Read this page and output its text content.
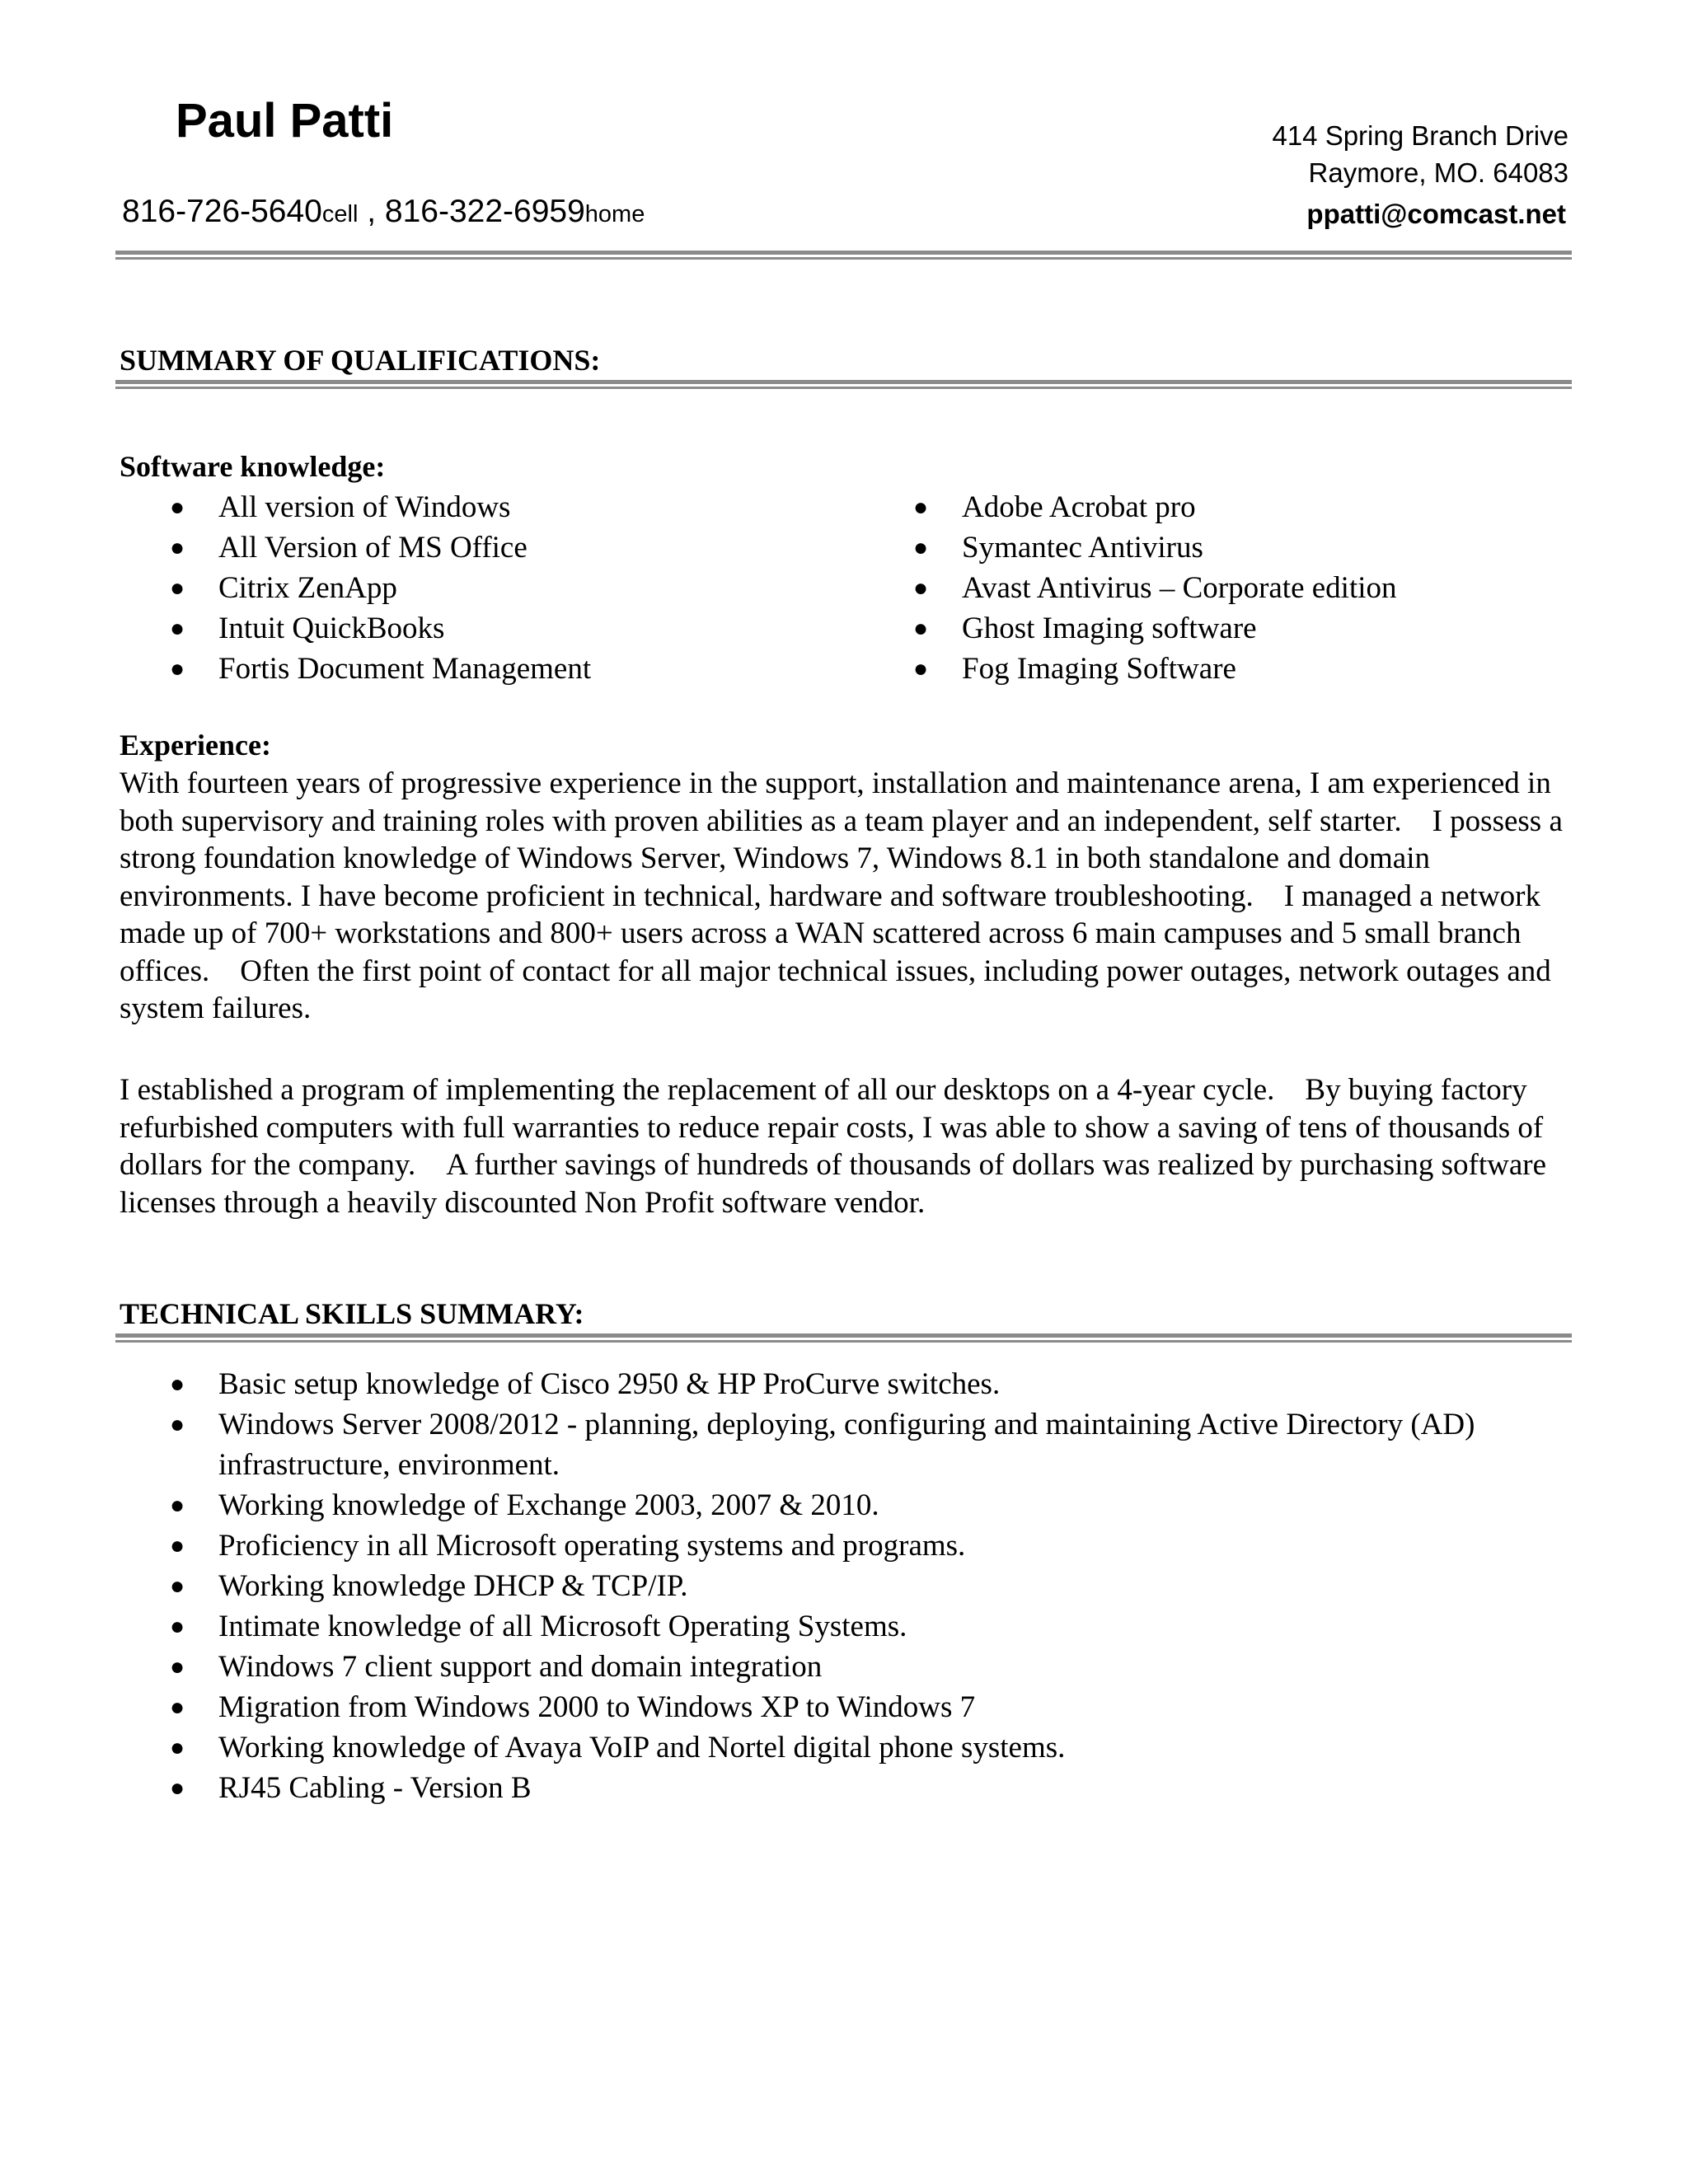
Paul Patti	414 Spring Branch Drive
Raymore, MO. 64083
816-726-5640cell , 816-322-6959home	ppatti@comcast.net
SUMMARY OF QUALIFICATIONS:
Software knowledge:
● All version of Windows
● All Version of MS Office
● Citrix ZenApp
● Intuit QuickBooks
● Fortis Document Management
● Adobe Acrobat pro
● Symantec Antivirus
● Avast Antivirus – Corporate edition
● Ghost Imaging software
● Fog Imaging Software
Experience:

With fourteen years of progressive experience in the support, installation and maintenance arena, I am experienced in both supervisory and training roles with proven abilities as a team player and an independent, self starter.    I possess a strong foundation knowledge of Windows Server, Windows 7, Windows 8.1 in both standalone and domain environments. I have become proficient in technical, hardware and software troubleshooting.    I managed a network made up of 700+ workstations and 800+ users across a WAN scattered across 6 main campuses and 5 small branch offices.    Often the first point of contact for all major technical issues, including power outages, network outages and system failures.

I established a program of implementing the replacement of all our desktops on a 4-year cycle.    By buying factory refurbished computers with full warranties to reduce repair costs, I was able to show a saving of tens of thousands of dollars for the company.    A further savings of hundreds of thousands of dollars was realized by purchasing software licenses through a heavily discounted Non Profit software vendor.

TECHNICAL SKILLS SUMMARY:
● Basic setup knowledge of Cisco 2950 & HP ProCurve switches.
● Windows Server 2008/2012 - planning, deploying, configuring and maintaining Active Directory (AD) infrastructure, environment.
● Working knowledge of Exchange 2003, 2007 & 2010.
● Proficiency in all Microsoft operating systems and programs.
● Working knowledge DHCP & TCP/IP.
● Intimate knowledge of all Microsoft Operating Systems.
● Windows 7 client support and domain integration
● Migration from Windows 2000 to Windows XP to Windows 7
● Working knowledge of Avaya VoIP and Nortel digital phone systems.
● RJ45 Cabling - Version B
